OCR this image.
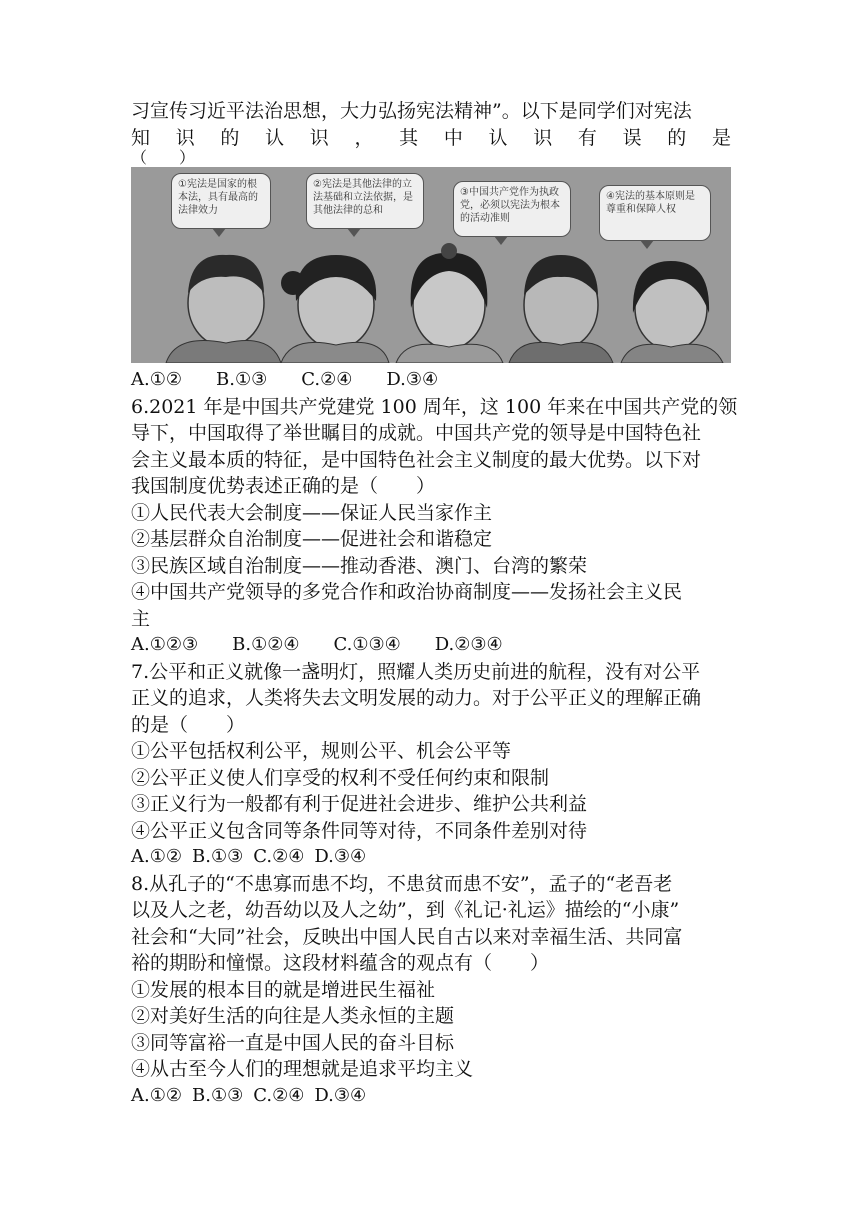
习宣传习近平法治思想，大力弘扬宪法精神”。以下是同学们对宪法
知 识 的 认 识 ， 其 中 认 识 有 误 的 是
（　　）
①宪法是国家的根本法，具有最高的法律效力
②宪法是其他法律的立法基础和立法依据，是其他法律的总和
③中国共产党作为执政党，必须以宪法为根本的活动准则
④宪法的基本原则是尊重和保障人权
A.①② B.①③ C.②④ D.③④
6.2021 年是中国共产党建党 100 周年，这 100 年来在中国共产党的领
导下，中国取得了举世瞩目的成就。中国共产党的领导是中国特色社
会主义最本质的特征，是中国特色社会主义制度的最大优势。以下对
我国制度优势表述正确的是（　　）
①人民代表大会制度——保证人民当家作主
②基层群众自治制度——促进社会和谐稳定
③民族区域自治制度——推动香港、澳门、台湾的繁荣
④中国共产党领导的多党合作和政治协商制度——发扬社会主义民
主
A.①②③ B.①②④ C.①③④ D.②③④
7.公平和正义就像一盏明灯，照耀人类历史前进的航程，没有对公平
正义的追求，人类将失去文明发展的动力。对于公平正义的理解正确
的是（　　）
①公平包括权利公平，规则公平、机会公平等
②公平正义使人们享受的权利不受任何约束和限制
③正义行为一般都有利于促进社会进步、维护公共利益
④公平正义包含同等条件同等对待，不同条件差别对待
A.①② B.①③ C.②④ D.③④
8.从孔子的“不患寡而患不均，不患贫而患不安”，孟子的“老吾老
以及人之老，幼吾幼以及人之幼”，到《礼记·礼运》描绘的“小康”
社会和“大同”社会，反映出中国人民自古以来对幸福生活、共同富
裕的期盼和憧憬。这段材料蕴含的观点有（　　）
①发展的根本目的就是增进民生福祉
②对美好生活的向往是人类永恒的主题
③同等富裕一直是中国人民的奋斗目标
④从古至今人们的理想就是追求平均主义
A.①② B.①③ C.②④ D.③④
